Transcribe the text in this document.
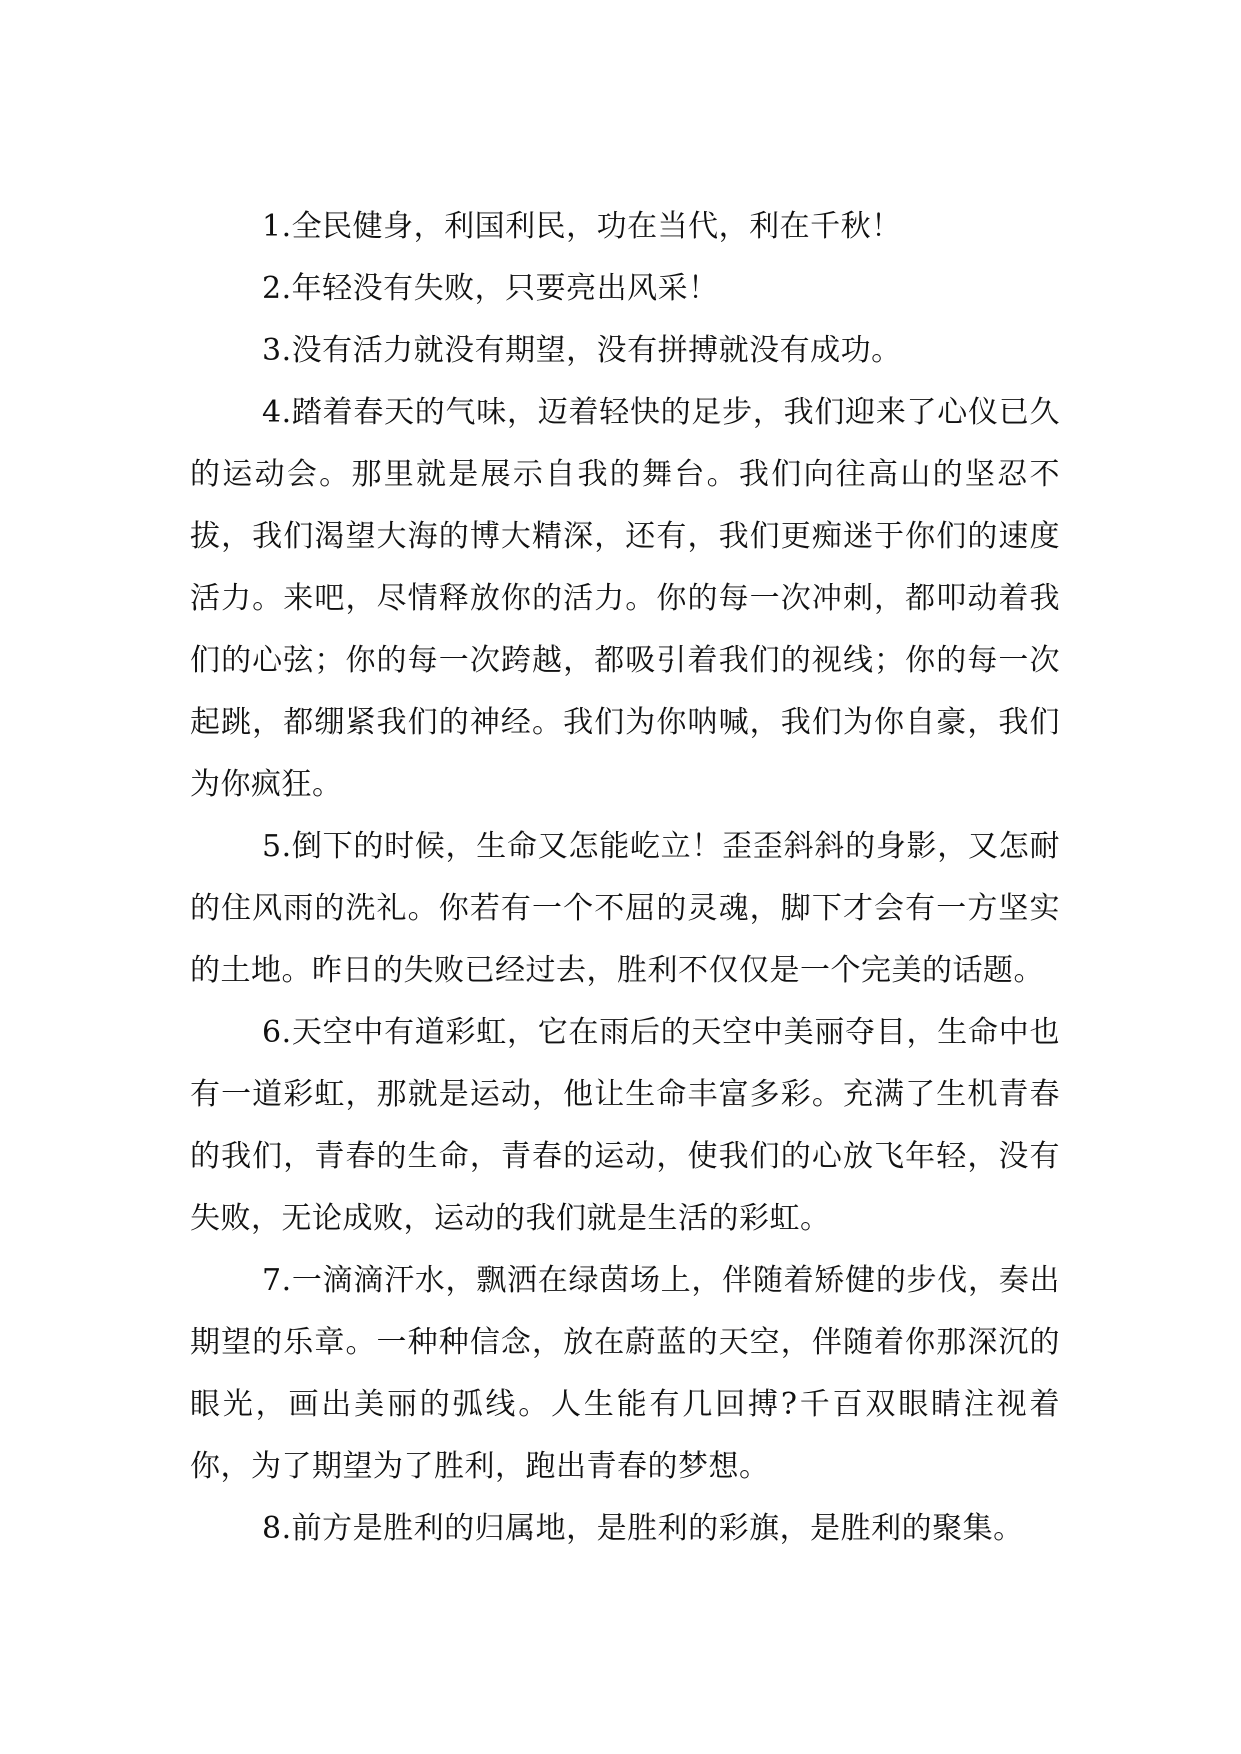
1.全民健身，利国利民，功在当代，利在千秋！

2.年轻没有失败，只要亮出风采！

3.没有活力就没有期望，没有拼搏就没有成功。

4.踏着春天的气味，迈着轻快的足步，我们迎来了心仪已久的运动会。那里就是展示自我的舞台。我们向往高山的坚忍不拔，我们渴望大海的博大精深，还有，我们更痴迷于你们的速度活力。来吧，尽情释放你的活力。你的每一次冲刺，都叩动着我们的心弦；你的每一次跨越，都吸引着我们的视线；你的每一次起跳，都绷紧我们的神经。我们为你呐喊，我们为你自豪，我们为你疯狂。

5.倒下的时候，生命又怎能屹立！歪歪斜斜的身影，又怎耐的住风雨的洗礼。你若有一个不屈的灵魂，脚下才会有一方坚实的土地。昨日的失败已经过去，胜利不仅仅是一个完美的话题。

6.天空中有道彩虹，它在雨后的天空中美丽夺目，生命中也有一道彩虹，那就是运动，他让生命丰富多彩。充满了生机青春的我们，青春的生命，青春的运动，使我们的心放飞年轻，没有失败，无论成败，运动的我们就是生活的彩虹。

7.一滴滴汗水，飘洒在绿茵场上，伴随着矫健的步伐，奏出期望的乐章。一种种信念，放在蔚蓝的天空，伴随着你那深沉的眼光，画出美丽的弧线。人生能有几回搏?千百双眼睛注视着你，为了期望为了胜利，跑出青春的梦想。

8.前方是胜利的归属地，是胜利的彩旗，是胜利的聚集。
